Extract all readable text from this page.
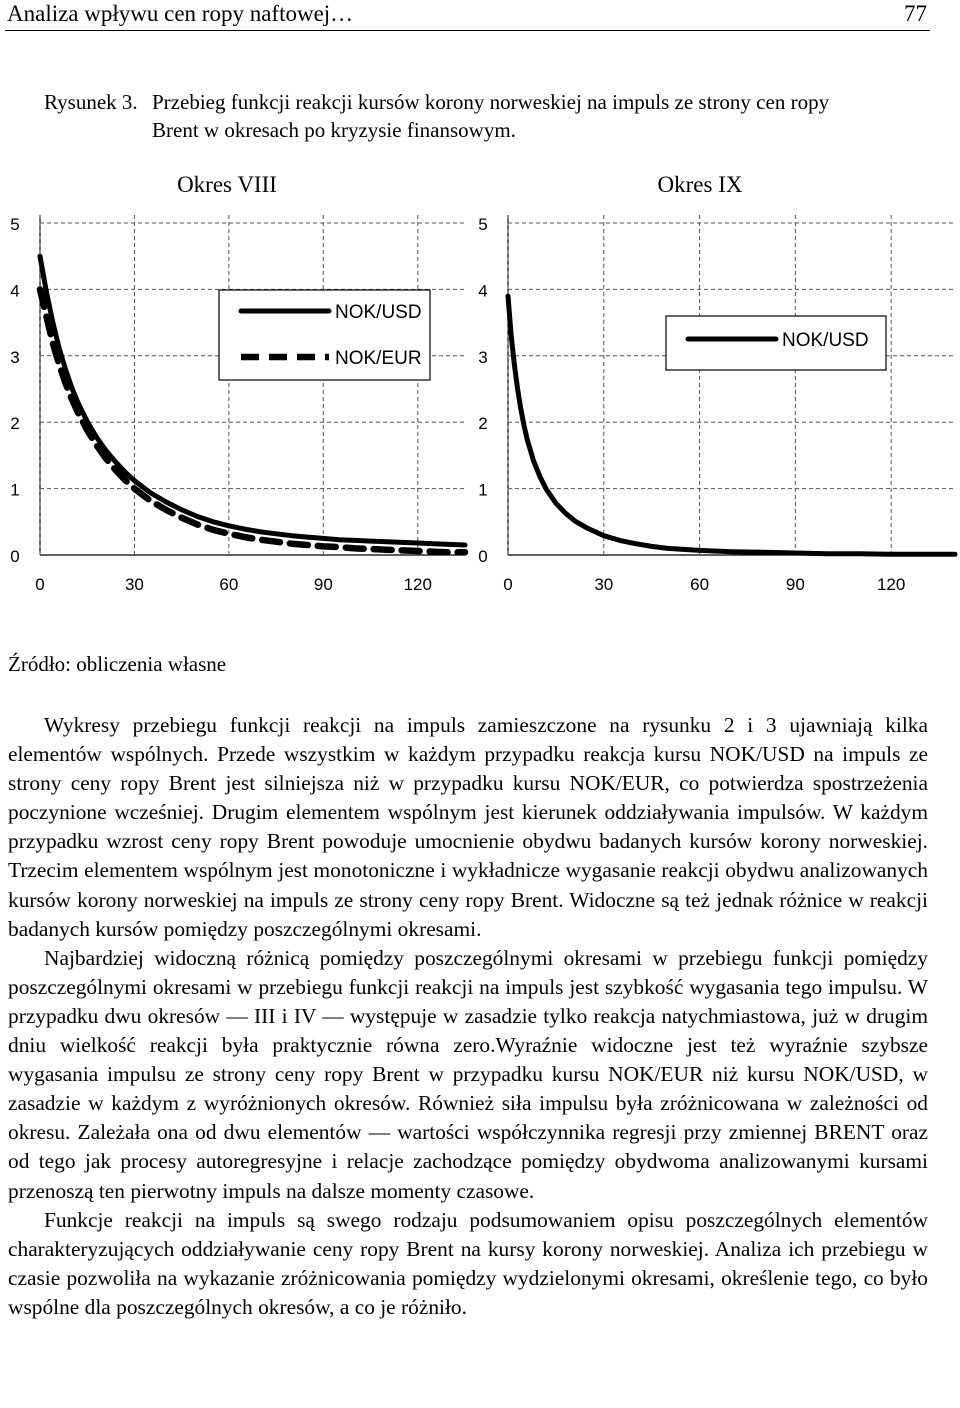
Analiza wpływu cen ropy naftowej…	77
Rysunek 3. Przebieg funkcji reakcji kursów korony norweskiej na impuls ze strony cen ropy
Brent w okresach po kryzysie finansowym.
0
1
2
3
4
5
0	30	60	90	120
Okres VIII
NOK/USD
NOK/EUR
0
1
2
3
4
5
0	30	60	90	120
Okres IX
NOK/USD
Źródło: obliczenia własne

Wykresy przebiegu funkcji reakcji na impuls zamieszczone na rysunku 2 i 3 ujawniają kilka elementów wspólnych. Przede wszystkim w każdym przypadku reakcja kursu NOK/USD na impuls ze strony ceny ropy Brent jest silniejsza niż w przypadku kursu NOK/EUR, co potwierdza spostrzeżenia poczynione wcześniej. Drugim elementem wspólnym jest kierunek oddziaływania impulsów. W każdym przypadku wzrost ceny ropy Brent powoduje umocnienie obydwu badanych kursów korony norweskiej. Trzecim elementem wspólnym jest monotoniczne i wykładnicze wygasanie reakcji obydwu analizowanych kursów korony norweskiej na impuls ze strony ceny ropy Brent. Widoczne są też jednak różnice w reakcji badanych kursów pomiędzy poszczególnymi okresami.

Najbardziej widoczną różnicą pomiędzy poszczególnymi okresami w przebiegu funkcji pomiędzy poszczególnymi okresami w przebiegu funkcji reakcji na impuls jest szybkość wygasania tego impulsu. W przypadku dwu okresów — III i IV — występuje w zasadzie tylko reakcja natychmiastowa, już w drugim dniu wielkość reakcji była praktycznie równa zero.Wyraźnie widoczne jest też wyraźnie szybsze wygasania impulsu ze strony ceny ropy Brent w przypadku kursu NOK/EUR niż kursu NOK/USD, w zasadzie w każdym z wyróżnionych okresów. Również siła impulsu była zróżnicowana w zależności od okresu. Zależała ona od dwu elementów — wartości współczynnika regresji przy zmiennej BRENT oraz od tego jak procesy autoregresyjne i relacje zachodzące pomiędzy obydwoma analizowanymi kursami przenoszą ten pierwotny impuls na dalsze momenty czasowe.

Funkcje reakcji na impuls są swego rodzaju podsumowaniem opisu poszczególnych elementów charakteryzujących oddziaływanie ceny ropy Brent na kursy korony norweskiej. Analiza ich przebiegu w czasie pozwoliła na wykazanie zróżnicowania pomiędzy wydzielonymi okresami, określenie tego, co było wspólne dla poszczególnych okresów, a co je różniło.
